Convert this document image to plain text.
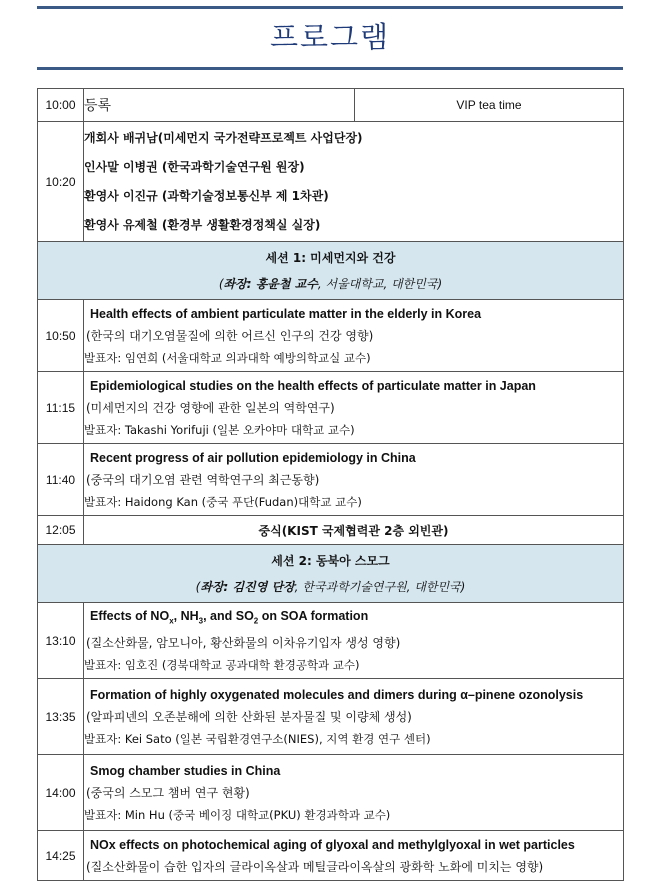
프로그램
10:00	등록	VIP tea time
10:20	개회사 배귀남(미세먼지 국가전략프로젝트 사업단장)
인사말 이병권 (한국과학기술연구원 원장)
환영사 이진규 (과학기술정보통신부 제 1차관)
환영사 유제철 (환경부 생활환경정책실 실장)	

세션 1: 미세먼지와 건강
(좌장: 홍윤철 교수, 서울대학교, 대한민국)		

10:50	Health effects of ambient particulate matter in the elderly in Korea
(한국의 대기오염물질에 의한 어르신 인구의 건강 영향)
발표자: 임연희 (서울대학교 의과대학 예방의학교실 교수)	

11:15	Epidemiological studies on the health effects of particulate matter in Japan
(미세먼지의 건강 영향에 관한 일본의 역학연구)
발표자: Takashi Yorifuji (일본 오카야마 대학교 교수)	

11:40	Recent progress of air pollution epidemiology in China
(중국의 대기오염 관련 역학연구의 최근동향)
발표자: Haidong Kan (중국 푸단(Fudan)대학교 교수)	

12:05	중식(KIST 국제협력관 2층 외빈관)	

세션 2: 동북아 스모그
(좌장: 김진영 단장, 한국과학기술연구원, 대한민국)		

13:10	Effects of $NO_x$, $NH_3$, and $SO_2$ on SOA formation
(질소산화물, 암모니아, 황산화물의 이차유기입자 생성 영향)
발표자: 임호진 (경북대학교 공과대학 환경공학과 교수)	

13:35	Formation of highly oxygenated molecules and dimers during α–pinene ozonolysis
(알파피넨의 오존분해에 의한 산화된 분자물질 및 이량체 생성)
발표자: Kei Sato (일본 국립환경연구소(NIES), 지역 환경 연구 센터)	

14:00	Smog chamber studies in China
(중국의 스모그 챔버 연구 현황)
발표자: Min Hu (중국 베이징 대학교(PKU) 환경과학과 교수)	

14:25	NOx effects on photochemical aging of glyoxal and methylglyoxal in wet particles
(질소산화물이 습한 입자의 글라이옥살과 메틸글라이옥살의 광화학 노화에 미치는 영향)	
